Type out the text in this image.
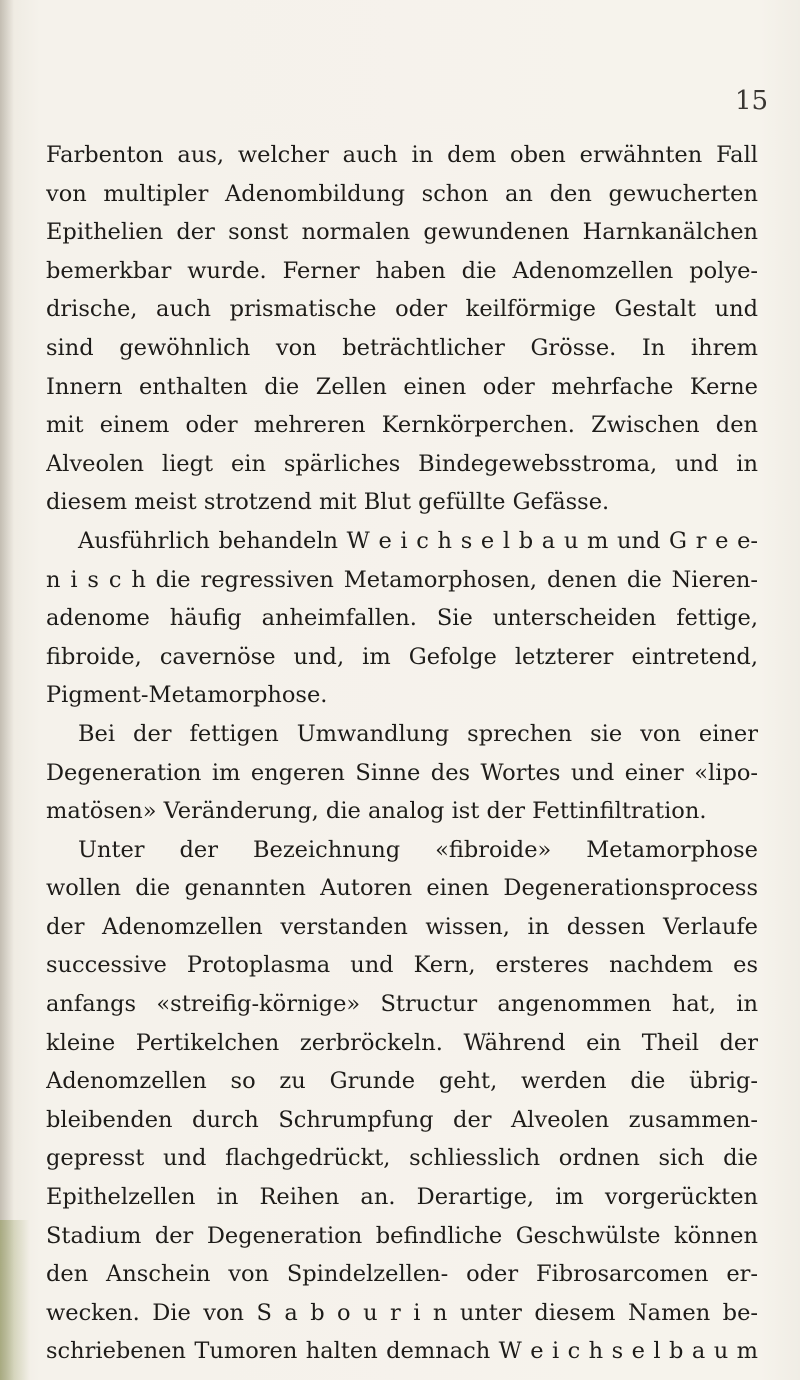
15
Farbenton aus, welcher auch in dem oben erwähnten Fall
von multipler Adenombildung schon an den gewucherten
Epithelien der sonst normalen gewundenen Harnkanälchen
bemerkbar wurde. Ferner haben die Adenomzellen polye-
drische, auch prismatische oder keilförmige Gestalt und
sind gewöhnlich von beträchtlicher Grösse. In ihrem
Innern enthalten die Zellen einen oder mehrfache Kerne
mit einem oder mehreren Kernkörperchen. Zwischen den
Alveolen liegt ein spärliches Bindegewebsstroma, und in
diesem meist strotzend mit Blut gefüllte Gefässe.
Ausführlich behandeln W e i c h s e l b a u m und G r e e-
n i s c h die regressiven Metamorphosen, denen die Nieren-
adenome häufig anheimfallen. Sie unterscheiden fettige,
fibroide, cavernöse und, im Gefolge letzterer eintretend,
Pigment-Metamorphose.
Bei der fettigen Umwandlung sprechen sie von einer
Degeneration im engeren Sinne des Wortes und einer «lipo-
matösen» Veränderung, die analog ist der Fettinfiltration.
Unter der Bezeichnung «fibroide» Metamorphose
wollen die genannten Autoren einen Degenerationsprocess
der Adenomzellen verstanden wissen, in dessen Verlaufe
successive Protoplasma und Kern, ersteres nachdem es
anfangs «streifig-körnige» Structur angenommen hat, in
kleine Pertikelchen zerbröckeln. Während ein Theil der
Adenomzellen so zu Grunde geht, werden die übrig-
bleibenden durch Schrumpfung der Alveolen zusammen-
gepresst und flachgedrückt, schliesslich ordnen sich die
Epithelzellen in Reihen an. Derartige, im vorgerückten
Stadium der Degeneration befindliche Geschwülste können
den Anschein von Spindelzellen- oder Fibrosarcomen er-
wecken. Die von S a b o u r i n unter diesem Namen be-
schriebenen Tumoren halten demnach W e i c h s e l b a u m
